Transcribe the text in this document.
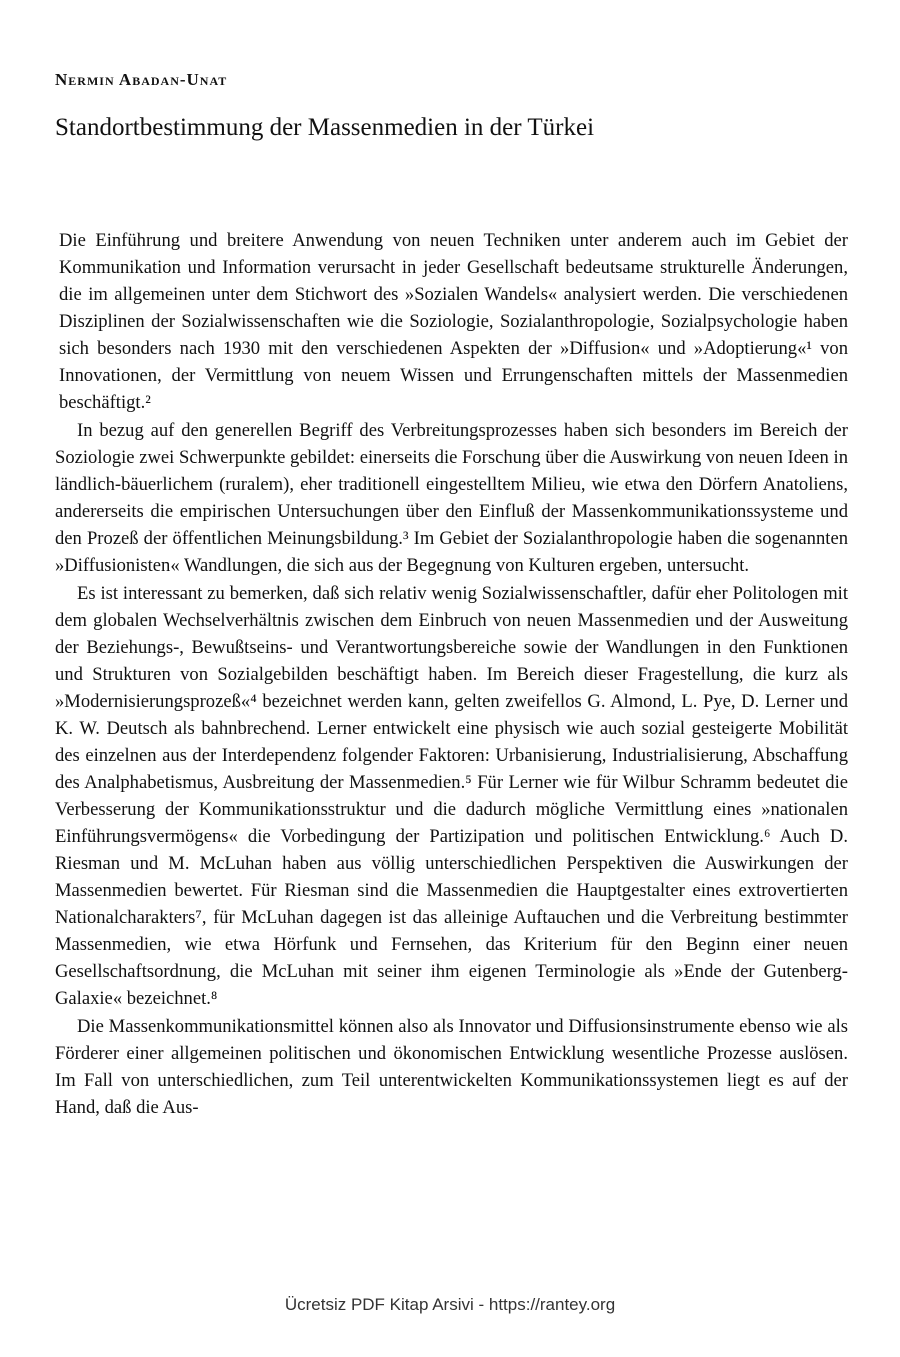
Nermin Abadan-Unat
Standortbestimmung der Massenmedien in der Türkei

Die Einführung und breitere Anwendung von neuen Techniken unter anderem auch im Gebiet der Kommunikation und Information verursacht in jeder Gesellschaft bedeutsame strukturelle Änderungen, die im allgemeinen unter dem Stichwort des »Sozialen Wandels« analysiert werden. Die verschiedenen Disziplinen der Sozialwissenschaften wie die Soziologie, Sozialanthropologie, Sozialpsychologie haben sich besonders nach 1930 mit den verschiedenen Aspekten der »Diffusion« und »Adoptierung«¹ von Innovationen, der Vermittlung von neuem Wissen und Errungenschaften mittels der Massenmedien beschäftigt.²

In bezug auf den generellen Begriff des Verbreitungsprozesses haben sich besonders im Bereich der Soziologie zwei Schwerpunkte gebildet: einerseits die Forschung über die Auswirkung von neuen Ideen in ländlich-bäuerlichem (ruralem), eher traditionell eingestelltem Milieu, wie etwa den Dörfern Anatoliens, andererseits die empirischen Untersuchungen über den Einfluß der Massenkommunikationssysteme und den Prozeß der öffentlichen Meinungsbildung.³ Im Gebiet der Sozialanthropologie haben die sogenannten »Diffusionisten« Wandlungen, die sich aus der Begegnung von Kulturen ergeben, untersucht.

Es ist interessant zu bemerken, daß sich relativ wenig Sozialwissenschaftler, dafür eher Politologen mit dem globalen Wechselverhältnis zwischen dem Einbruch von neuen Massenmedien und der Ausweitung der Beziehungs-, Bewußtseins- und Verantwortungsbereiche sowie der Wandlungen in den Funktionen und Strukturen von Sozialgebilden beschäftigt haben. Im Bereich dieser Fragestellung, die kurz als »Modernisierungsprozeß«⁴ bezeichnet werden kann, gelten zweifellos G. Almond, L. Pye, D. Lerner und K. W. Deutsch als bahnbrechend. Lerner entwickelt eine physisch wie auch sozial gesteigerte Mobilität des einzelnen aus der Interdependenz folgender Faktoren: Urbanisierung, Industrialisierung, Abschaffung des Analphabetismus, Ausbreitung der Massenmedien.⁵ Für Lerner wie für Wilbur Schramm bedeutet die Verbesserung der Kommunikationsstruktur und die dadurch mögliche Vermittlung eines »nationalen Einführungsvermögens« die Vorbedingung der Partizipation und politischen Entwicklung.⁶ Auch D. Riesman und M. McLuhan haben aus völlig unterschiedlichen Perspektiven die Auswirkungen der Massenmedien bewertet. Für Riesman sind die Massenmedien die Hauptgestalter eines extrovertierten Nationalcharakters⁷, für McLuhan dagegen ist das alleinige Auftauchen und die Verbreitung bestimmter Massenmedien, wie etwa Hörfunk und Fernsehen, das Kriterium für den Beginn einer neuen Gesellschaftsordnung, die McLuhan mit seiner ihm eigenen Terminologie als »Ende der Gutenberg-Galaxie« bezeichnet.⁸

Die Massenkommunikationsmittel können also als Innovator und Diffusionsinstrumente ebenso wie als Förderer einer allgemeinen politischen und ökonomischen Entwicklung wesentliche Prozesse auslösen. Im Fall von unterschiedlichen, zum Teil unterentwickelten Kommunikationssystemen liegt es auf der Hand, daß die Aus-

Ücretsiz PDF Kitap Arsivi - https://rantey.org
